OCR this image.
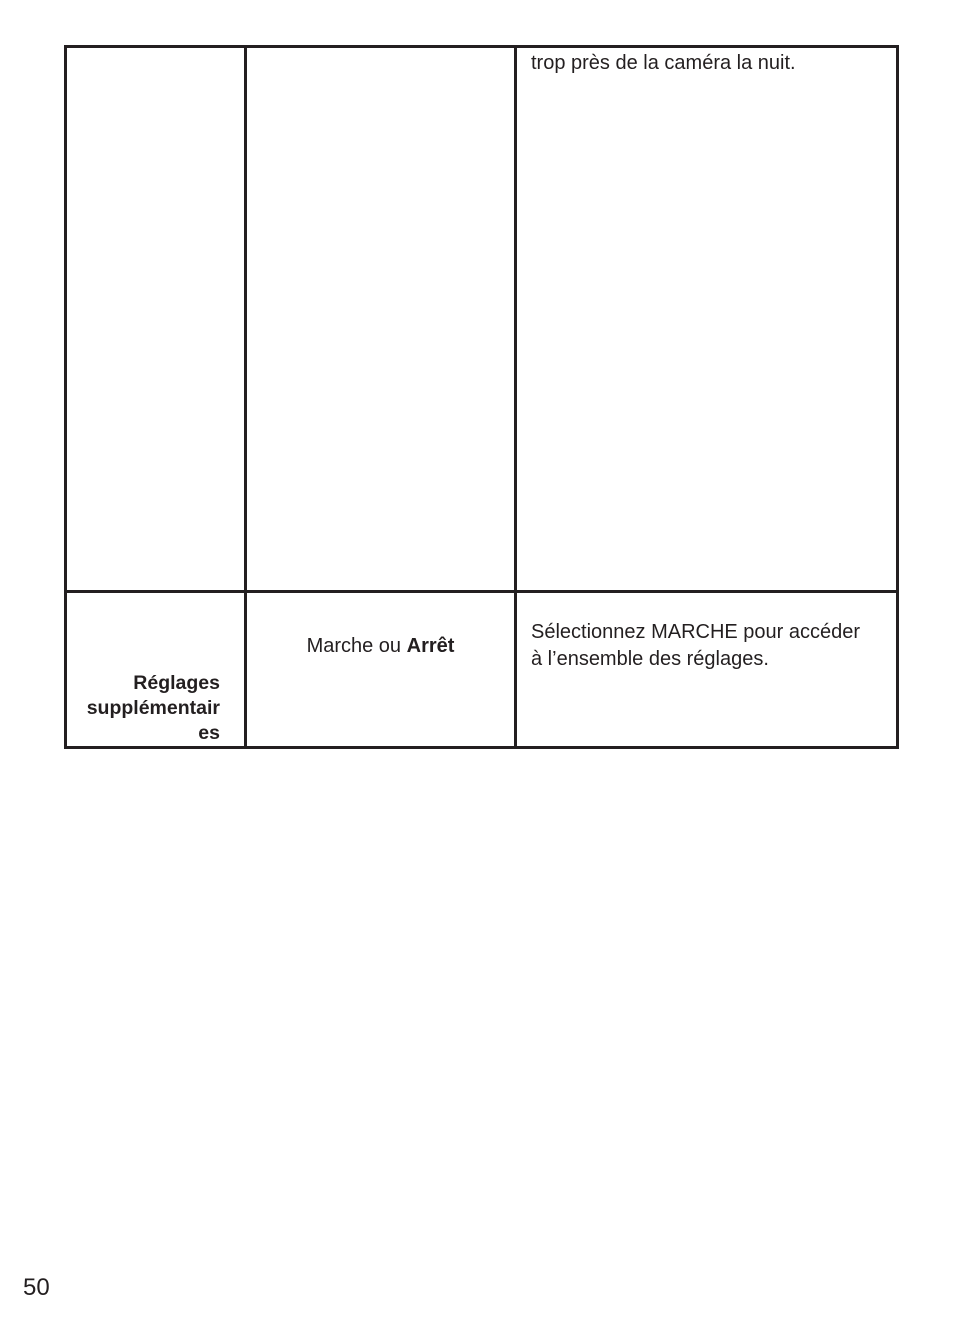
		trop près de la caméra la nuit.

Réglages
supplémentair
es	Marche ou Arrêt	Sélectionnez MARCHE pour accéder
à l’ensemble des réglages.
50
